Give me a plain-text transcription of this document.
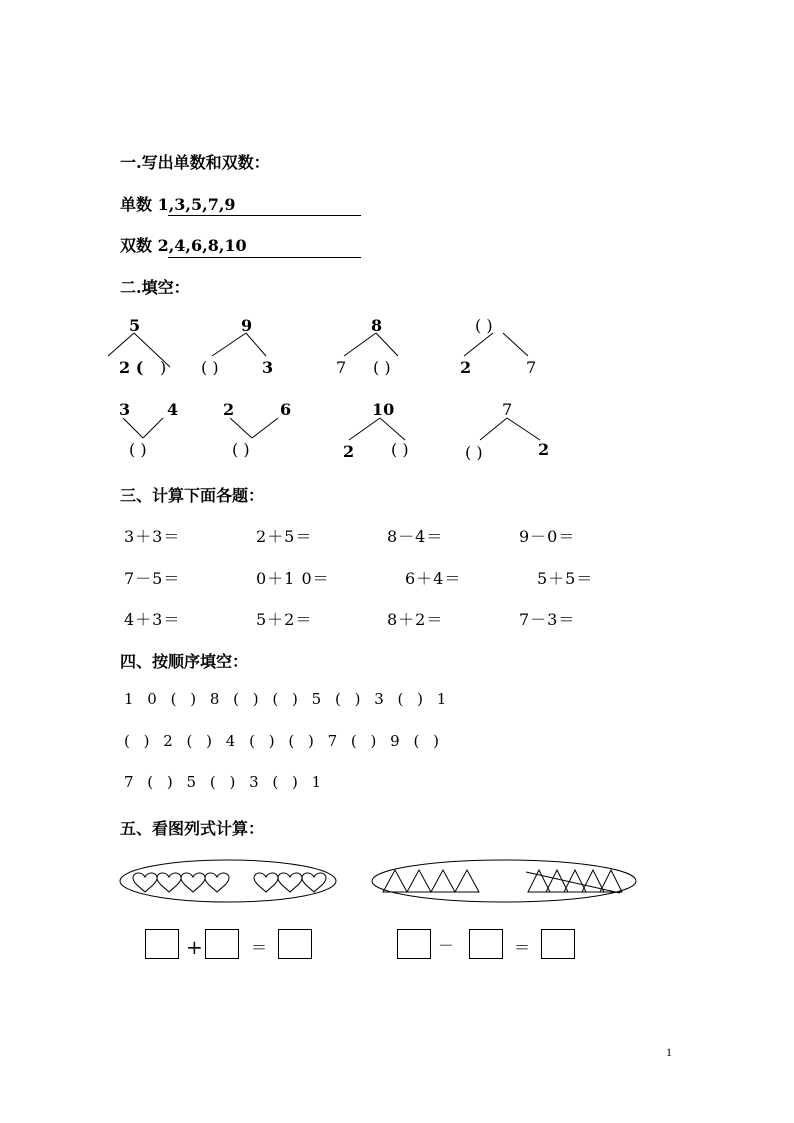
一.写出单数和双数：
单数 1,3,5,7,9
双数 2,4,6,8,10
二.填空：
5
2 ( )
9
( )	3
8
7 ( )
( )
2	7
3 4
( )
2	6
( )
10
2 ( )
7
( )	2
三、计算下面各题：
3＋3＝	2＋5＝	8－4＝	9－0＝
7－5＝	0＋1 0＝	6＋4＝	5＋5＝
4＋3＝	5＋2＝	8＋2＝	7－3＝
四、按顺序填空：
1 0 ( ) 8 ( ) ( ) 5 ( ) 3 ( ) 1
( ) 2 ( ) 4 ( ) ( ) 7 ( ) 9 ( )
7 ( ) 5 ( ) 3 ( ) 1
五、看图列式计算：
+	＝	－	＝
1
